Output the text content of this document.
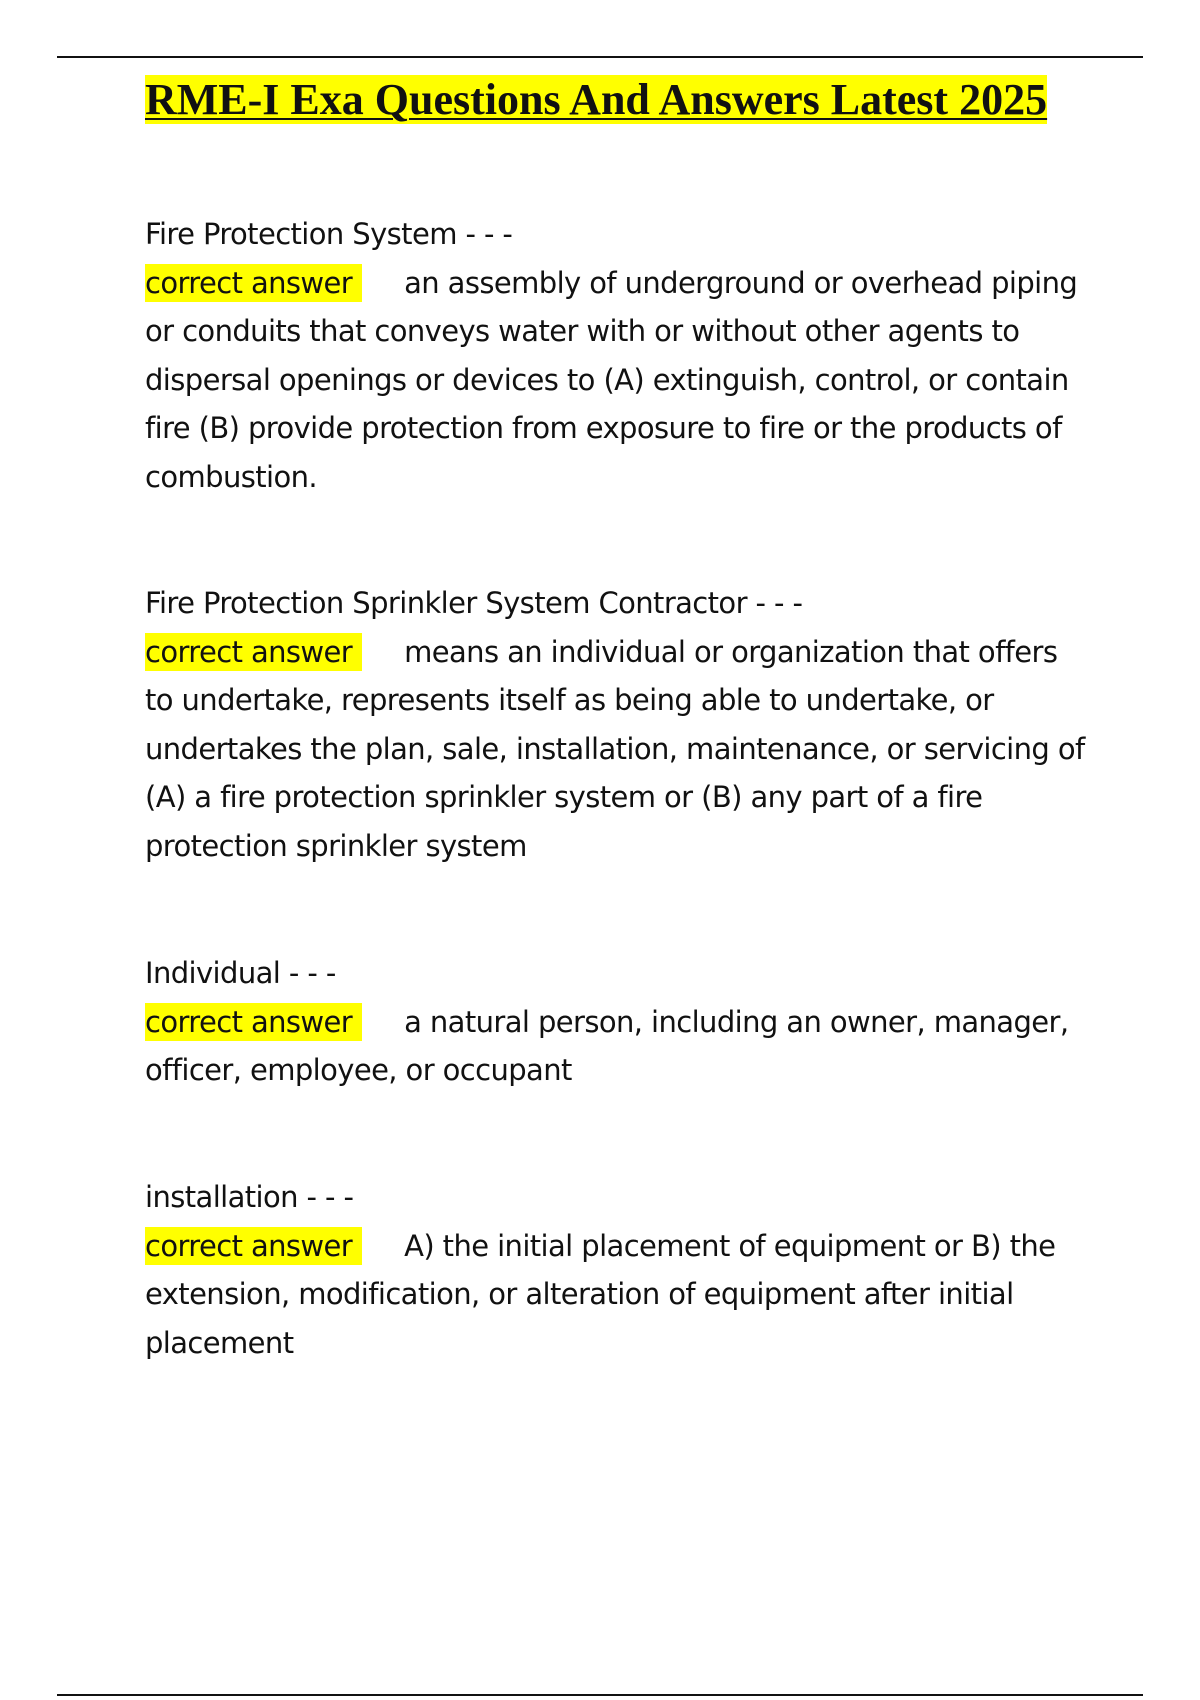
RME-I Exa Questions And Answers Latest 2025

Fire Protection System - - -

correct answer an assembly of underground or overhead piping or conduits that conveys water with or without other agents to dispersal openings or devices to (A) extinguish, control, or contain fire (B) provide protection from exposure to fire or the products of combustion.

Fire Protection Sprinkler System Contractor - - -

correct answer means an individual or organization that offers to undertake, represents itself as being able to undertake, or undertakes the plan, sale, installation, maintenance, or servicing of (A) a fire protection sprinkler system or (B) any part of a fire protection sprinkler system

Individual - - -

correct answer a natural person, including an owner, manager, officer, employee, or occupant

installation - - -

correct answer A) the initial placement of equipment or B) the extension, modification, or alteration of equipment after initial placement
